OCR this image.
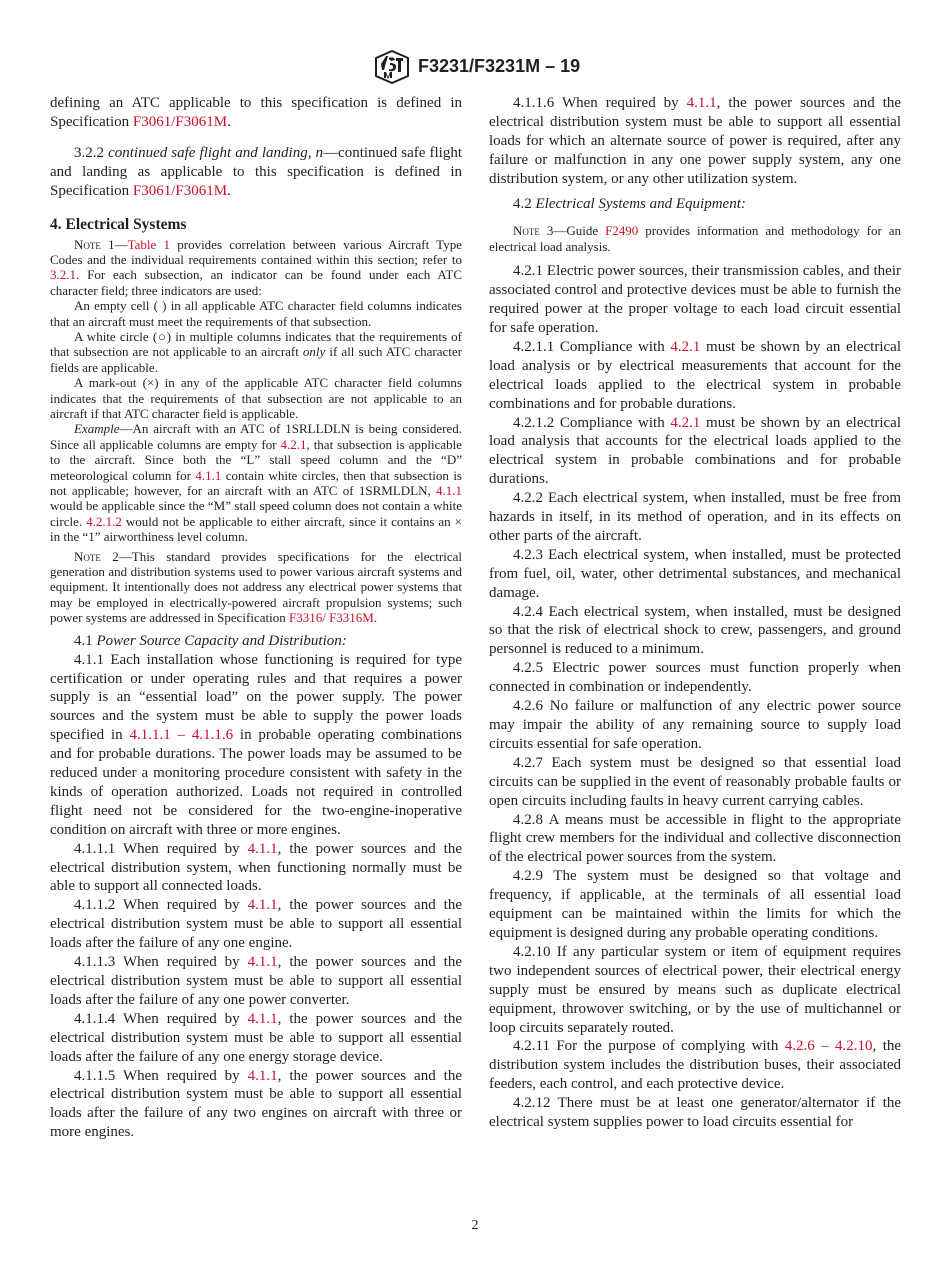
F3231/F3231M – 19

defining an ATC applicable to this specification is defined in Specification F3061/F3061M.

3.2.2 continued safe flight and landing, n—continued safe flight and landing as applicable to this specification is defined in Specification F3061/F3061M.

4. Electrical Systems

Note 1—Table 1 provides correlation between various Aircraft Type Codes and the individual requirements contained within this section; refer to 3.2.1. For each subsection, an indicator can be found under each ATC character field; three indicators are used:

An empty cell ( ) in all applicable ATC character field columns indicates that an aircraft must meet the requirements of that subsection.

A white circle (○) in multiple columns indicates that the requirements of that subsection are not applicable to an aircraft only if all such ATC character fields are applicable.

A mark-out (×) in any of the applicable ATC character field columns indicates that the requirements of that subsection are not applicable to an aircraft if that ATC character field is applicable.

Example—An aircraft with an ATC of 1SRLLDLN is being considered. Since all applicable columns are empty for 4.2.1, that subsection is applicable to the aircraft. Since both the “L” stall speed column and the “D” meteorological column for 4.1.1 contain white circles, then that subsection is not applicable; however, for an aircraft with an ATC of 1SRMLDLN, 4.1.1 would be applicable since the “M” stall speed column does not contain a white circle. 4.2.1.2 would not be applicable to either aircraft, since it contains an × in the “1” airworthiness level column.

Note 2—This standard provides specifications for the electrical generation and distribution systems used to power various aircraft systems and equipment. It intentionally does not address any electrical power systems that may be employed in electrically-powered aircraft propulsion systems; such power systems are addressed in Specification F3316/ F3316M.

4.1 Power Source Capacity and Distribution:

4.1.1 Each installation whose functioning is required for type certification or under operating rules and that requires a power supply is an “essential load” on the power supply. The power sources and the system must be able to supply the power loads specified in 4.1.1.1 – 4.1.1.6 in probable operating combinations and for probable durations. The power loads may be assumed to be reduced under a monitoring procedure consistent with safety in the kinds of operation authorized. Loads not required in controlled flight need not be considered for the two-engine-inoperative condition on aircraft with three or more engines.

4.1.1.1 When required by 4.1.1, the power sources and the electrical distribution system, when functioning normally must be able to support all connected loads.

4.1.1.2 When required by 4.1.1, the power sources and the electrical distribution system must be able to support all essential loads after the failure of any one engine.

4.1.1.3 When required by 4.1.1, the power sources and the electrical distribution system must be able to support all essential loads after the failure of any one power converter.

4.1.1.4 When required by 4.1.1, the power sources and the electrical distribution system must be able to support all essential loads after the failure of any one energy storage device.

4.1.1.5 When required by 4.1.1, the power sources and the electrical distribution system must be able to support all essential loads after the failure of any two engines on aircraft with three or more engines.

4.1.1.6 When required by 4.1.1, the power sources and the electrical distribution system must be able to support all essential loads for which an alternate source of power is required, after any failure or malfunction in any one power supply system, any one distribution system, or any other utilization system.

4.2 Electrical Systems and Equipment:

Note 3—Guide F2490 provides information and methodology for an electrical load analysis.

4.2.1 Electric power sources, their transmission cables, and their associated control and protective devices must be able to furnish the required power at the proper voltage to each load circuit essential for safe operation.

4.2.1.1 Compliance with 4.2.1 must be shown by an electrical load analysis or by electrical measurements that account for the electrical loads applied to the electrical system in probable combinations and for probable durations.

4.2.1.2 Compliance with 4.2.1 must be shown by an electrical load analysis that accounts for the electrical loads applied to the electrical system in probable combinations and for probable durations.

4.2.2 Each electrical system, when installed, must be free from hazards in itself, in its method of operation, and in its effects on other parts of the aircraft.

4.2.3 Each electrical system, when installed, must be protected from fuel, oil, water, other detrimental substances, and mechanical damage.

4.2.4 Each electrical system, when installed, must be designed so that the risk of electrical shock to crew, passengers, and ground personnel is reduced to a minimum.

4.2.5 Electric power sources must function properly when connected in combination or independently.

4.2.6 No failure or malfunction of any electric power source may impair the ability of any remaining source to supply load circuits essential for safe operation.

4.2.7 Each system must be designed so that essential load circuits can be supplied in the event of reasonably probable faults or open circuits including faults in heavy current carrying cables.

4.2.8 A means must be accessible in flight to the appropriate flight crew members for the individual and collective disconnection of the electrical power sources from the system.

4.2.9 The system must be designed so that voltage and frequency, if applicable, at the terminals of all essential load equipment can be maintained within the limits for which the equipment is designed during any probable operating conditions.

4.2.10 If any particular system or item of equipment requires two independent sources of electrical power, their electrical energy supply must be ensured by means such as duplicate electrical equipment, throwover switching, or by the use of multichannel or loop circuits separately routed.

4.2.11 For the purpose of complying with 4.2.6 – 4.2.10, the distribution system includes the distribution buses, their associated feeders, each control, and each protective device.

4.2.12 There must be at least one generator/alternator if the electrical system supplies power to load circuits essential for

2
